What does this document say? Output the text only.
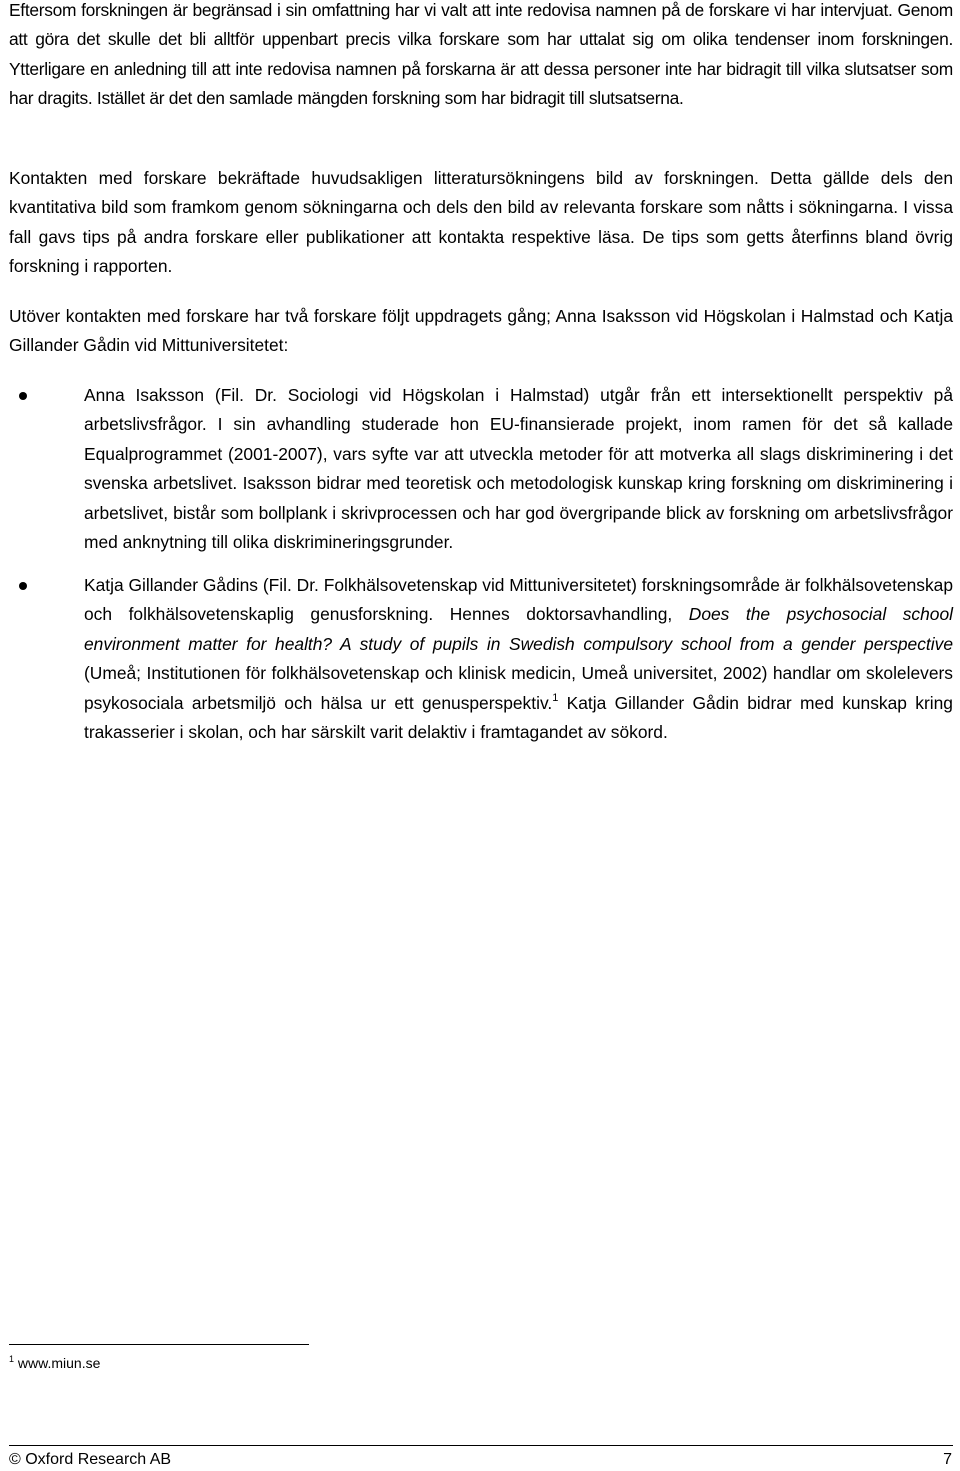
Eftersom forskningen är begränsad i sin omfattning har vi valt att inte redovisa namnen på de forskare vi har intervjuat. Genom att göra det skulle det bli alltför uppenbart precis vilka forskare som har uttalat sig om olika tendenser inom forskningen. Ytterligare en anledning till att inte redovisa namnen på forskarna är att dessa personer inte har bidragit till vilka slutsatser som har dragits. Istället är det den samlade mängden forskning som har bidragit till slutsatserna.

Kontakten med forskare bekräftade huvudsakligen litteratursökningens bild av forskningen. Detta gällde dels den kvantitativa bild som framkom genom sökningarna och dels den bild av relevanta forskare som nåtts i sökningarna. I vissa fall gavs tips på andra forskare eller publikationer att kontakta respektive läsa. De tips som getts återfinns bland övrig forskning i rapporten.

Utöver kontakten med forskare har två forskare följt uppdragets gång; Anna Isaksson vid Högskolan i Halmstad och Katja Gillander Gådin vid Mittuniversitetet:

Anna Isaksson (Fil. Dr. Sociologi vid Högskolan i Halmstad) utgår från ett intersektionellt perspektiv på arbetslivsfrågor. I sin avhandling studerade hon EU-finansierade projekt, inom ramen för det så kallade Equalprogrammet (2001-2007), vars syfte var att utveckla metoder för att motverka all slags diskriminering i det svenska arbetslivet. Isaksson bidrar med teoretisk och metodologisk kunskap kring forskning om diskriminering i arbetslivet, bistår som bollplank i skrivprocessen och har god övergripande blick av forskning om arbetslivsfrågor med anknytning till olika diskrimineringsgrunder.

Katja Gillander Gådins (Fil. Dr. Folkhälsovetenskap vid Mittuniversitetet) forskningsområde är folkhälsovetenskap och folkhälsovetenskaplig genusforskning. Hennes doktorsavhandling, Does the psychosocial school environment matter for health? A study of pupils in Swedish compulsory school from a gender perspective (Umeå; Institutionen för folkhälsovetenskap och klinisk medicin, Umeå universitet, 2002) handlar om skolelevers psykosociala arbetsmiljö och hälsa ur ett genusperspektiv.$^1$ Katja Gillander Gådin bidrar med kunskap kring trakasserier i skolan, och har särskilt varit delaktiv i framtagandet av sökord.

$^1$ www.miun.se
© Oxford Research AB	7
